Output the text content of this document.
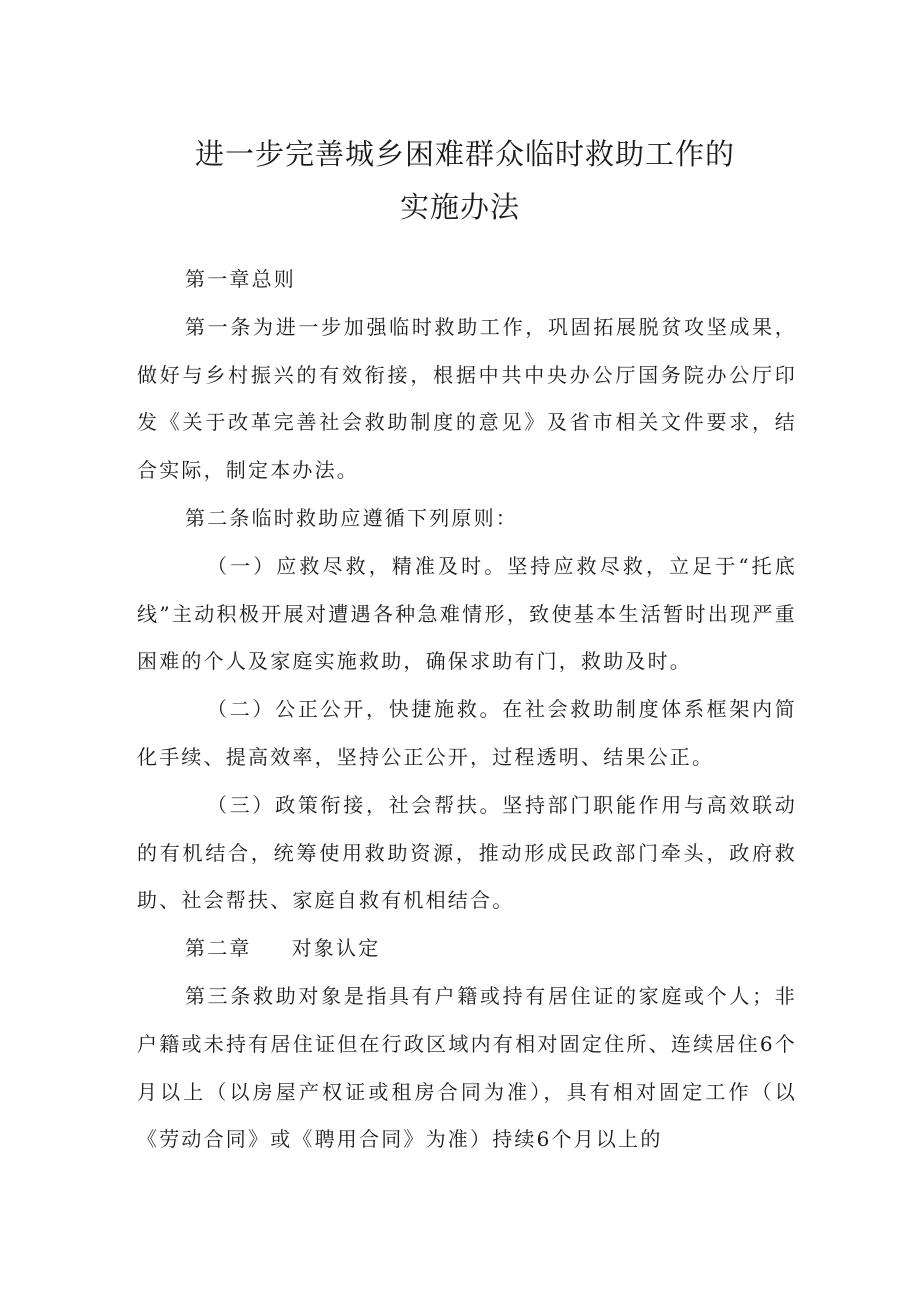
进一步完善城乡困难群众临时救助工作的
实施办法

第一章总则

第一条为进一步加强临时救助工作，巩固拓展脱贫攻坚成果，做好与乡村振兴的有效衔接，根据中共中央办公厅国务院办公厅印发《关于改革完善社会救助制度的意见》及省市相关文件要求，结合实际，制定本办法。

第二条临时救助应遵循下列原则：

（一）应救尽救，精准及时。坚持应救尽救，立足于“托底线”主动积极开展对遭遇各种急难情形，致使基本生活暂时出现严重困难的个人及家庭实施救助，确保求助有门，救助及时。

（二）公正公开，快捷施救。在社会救助制度体系框架内简化手续、提高效率，坚持公正公开，过程透明、结果公正。

（三）政策衔接，社会帮扶。坚持部门职能作用与高效联动的有机结合，统筹使用救助资源，推动形成民政部门牵头，政府救助、社会帮扶、家庭自救有机相结合。

第二章 对象认定

第三条救助对象是指具有户籍或持有居住证的家庭或个人；非户籍或未持有居住证但在行政区域内有相对固定住所、连续居住6个月以上（以房屋产权证或租房合同为准），具有相对固定工作（以《劳动合同》或《聘用合同》为准）持续6个月以上的
